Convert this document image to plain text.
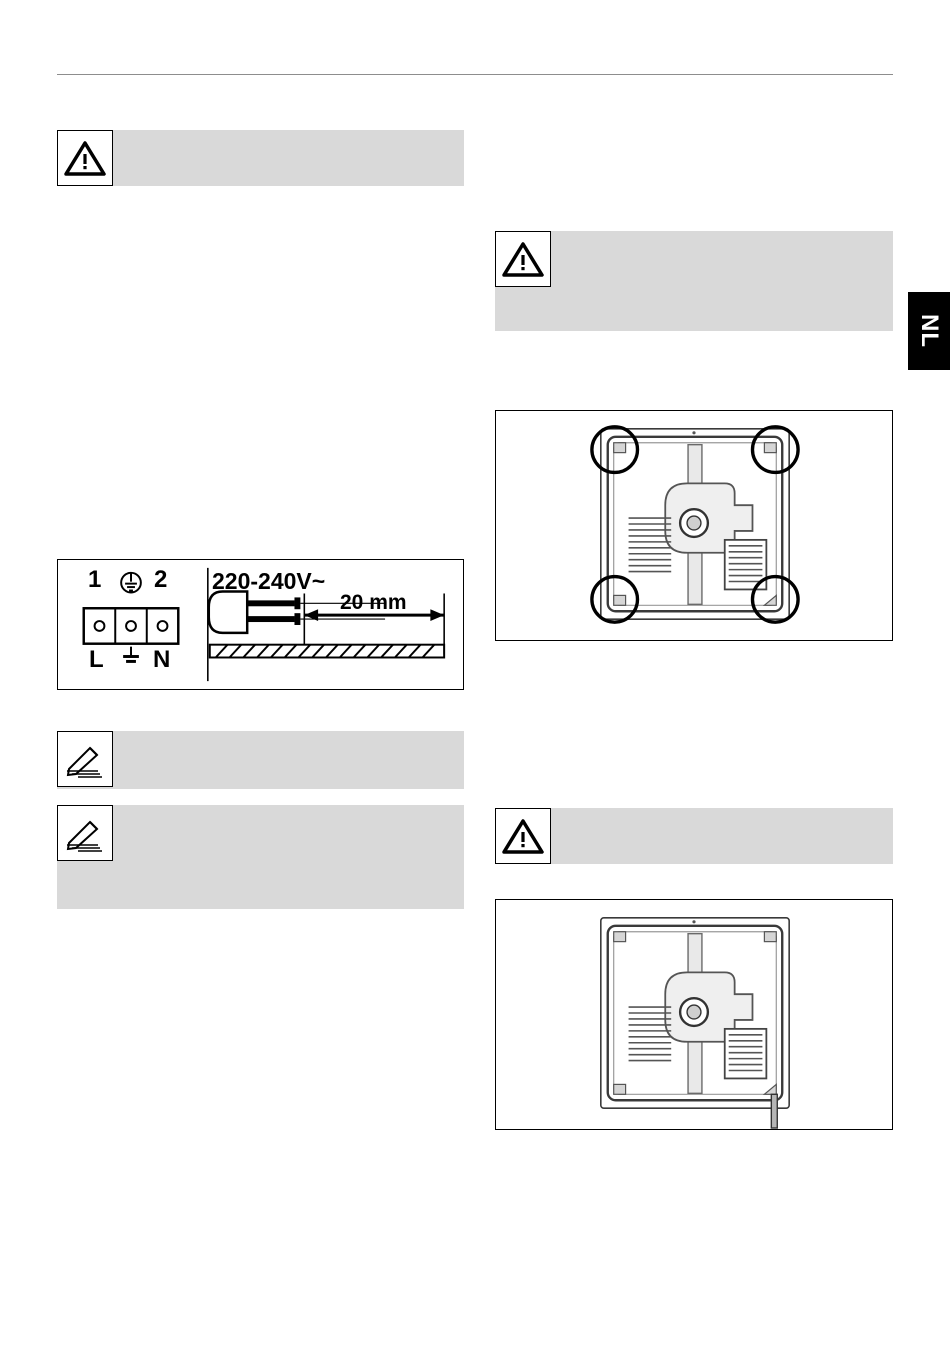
NL
1 2
L N
220-240V~
20 mm
